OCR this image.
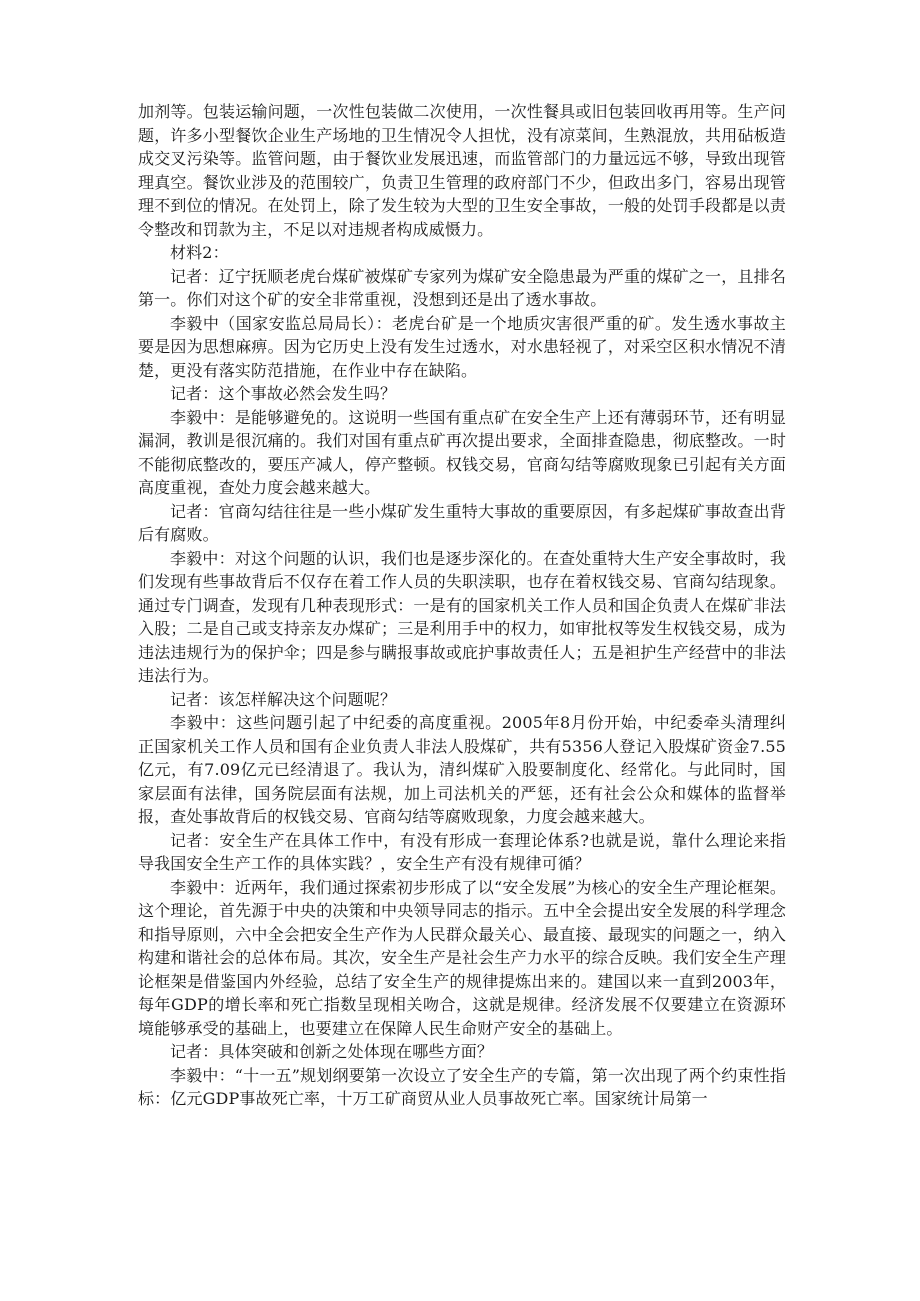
加剂等。包装运输问题，一次性包装做二次使用，一次性餐具或旧包装回收再用等。生产问题，许多小型餐饮企业生产场地的卫生情况令人担忧，没有凉菜间，生熟混放，共用砧板造成交叉污染等。监管问题，由于餐饮业发展迅速，而监管部门的力量远远不够，导致出现管理真空。餐饮业涉及的范围较广，负责卫生管理的政府部门不少，但政出多门，容易出现管理不到位的情况。在处罚上，除了发生较为大型的卫生安全事故，一般的处罚手段都是以责令整改和罚款为主，不足以对违规者构成威慑力。

材料2：

记者：辽宁抚顺老虎台煤矿被煤矿专家列为煤矿安全隐患最为严重的煤矿之一，且排名第一。你们对这个矿的安全非常重视，没想到还是出了透水事故。

李毅中（国家安监总局局长）：老虎台矿是一个地质灾害很严重的矿。发生透水事故主要是因为思想麻痹。因为它历史上没有发生过透水，对水患轻视了，对采空区积水情况不清楚，更没有落实防范措施，在作业中存在缺陷。

记者：这个事故必然会发生吗？

李毅中：是能够避免的。这说明一些国有重点矿在安全生产上还有薄弱环节，还有明显漏洞，教训是很沉痛的。我们对国有重点矿再次提出要求，全面排查隐患，彻底整改。一时不能彻底整改的，要压产减人，停产整顿。权钱交易，官商勾结等腐败现象已引起有关方面高度重视，查处力度会越来越大。

记者：官商勾结往往是一些小煤矿发生重特大事故的重要原因，有多起煤矿事故查出背后有腐败。

李毅中：对这个问题的认识，我们也是逐步深化的。在查处重特大生产安全事故时，我们发现有些事故背后不仅存在着工作人员的失职渎职，也存在着权钱交易、官商勾结现象。通过专门调查，发现有几种表现形式：一是有的国家机关工作人员和国企负责人在煤矿非法入股；二是自己或支持亲友办煤矿；三是利用手中的权力，如审批权等发生权钱交易，成为违法违规行为的保护伞；四是参与瞒报事故或庇护事故责任人；五是袒护生产经营中的非法违法行为。

记者：该怎样解决这个问题呢？

李毅中：这些问题引起了中纪委的高度重视。2005年8月份开始，中纪委牵头清理纠正国家机关工作人员和国有企业负责人非法人股煤矿，共有5356人登记入股煤矿资金7.55亿元，有7.09亿元已经清退了。我认为，清纠煤矿入股要制度化、经常化。与此同时，国家层面有法律，国务院层面有法规，加上司法机关的严惩，还有社会公众和媒体的监督举报，查处事故背后的权钱交易、官商勾结等腐败现象，力度会越来越大。

记者：安全生产在具体工作中，有没有形成一套理论体系?也就是说，靠什么理论来指导我国安全生产工作的具体实践？，安全生产有没有规律可循？

李毅中：近两年，我们通过探索初步形成了以“安全发展”为核心的安全生产理论框架。这个理论，首先源于中央的决策和中央领导同志的指示。五中全会提出安全发展的科学理念和指导原则，六中全会把安全生产作为人民群众最关心、最直接、最现实的问题之一，纳入构建和谐社会的总体布局。其次，安全生产是社会生产力水平的综合反映。我们安全生产理论框架是借鉴国内外经验，总结了安全生产的规律提炼出来的。建国以来一直到2003年，每年GDP的增长率和死亡指数呈现相关吻合，这就是规律。经济发展不仅要建立在资源环境能够承受的基础上，也要建立在保障人民生命财产安全的基础上。

记者：具体突破和创新之处体现在哪些方面？

李毅中：“十一五”规划纲要第一次设立了安全生产的专篇，第一次出现了两个约束性指标：亿元GDP事故死亡率，十万工矿商贸从业人员事故死亡率。国家统计局第一
